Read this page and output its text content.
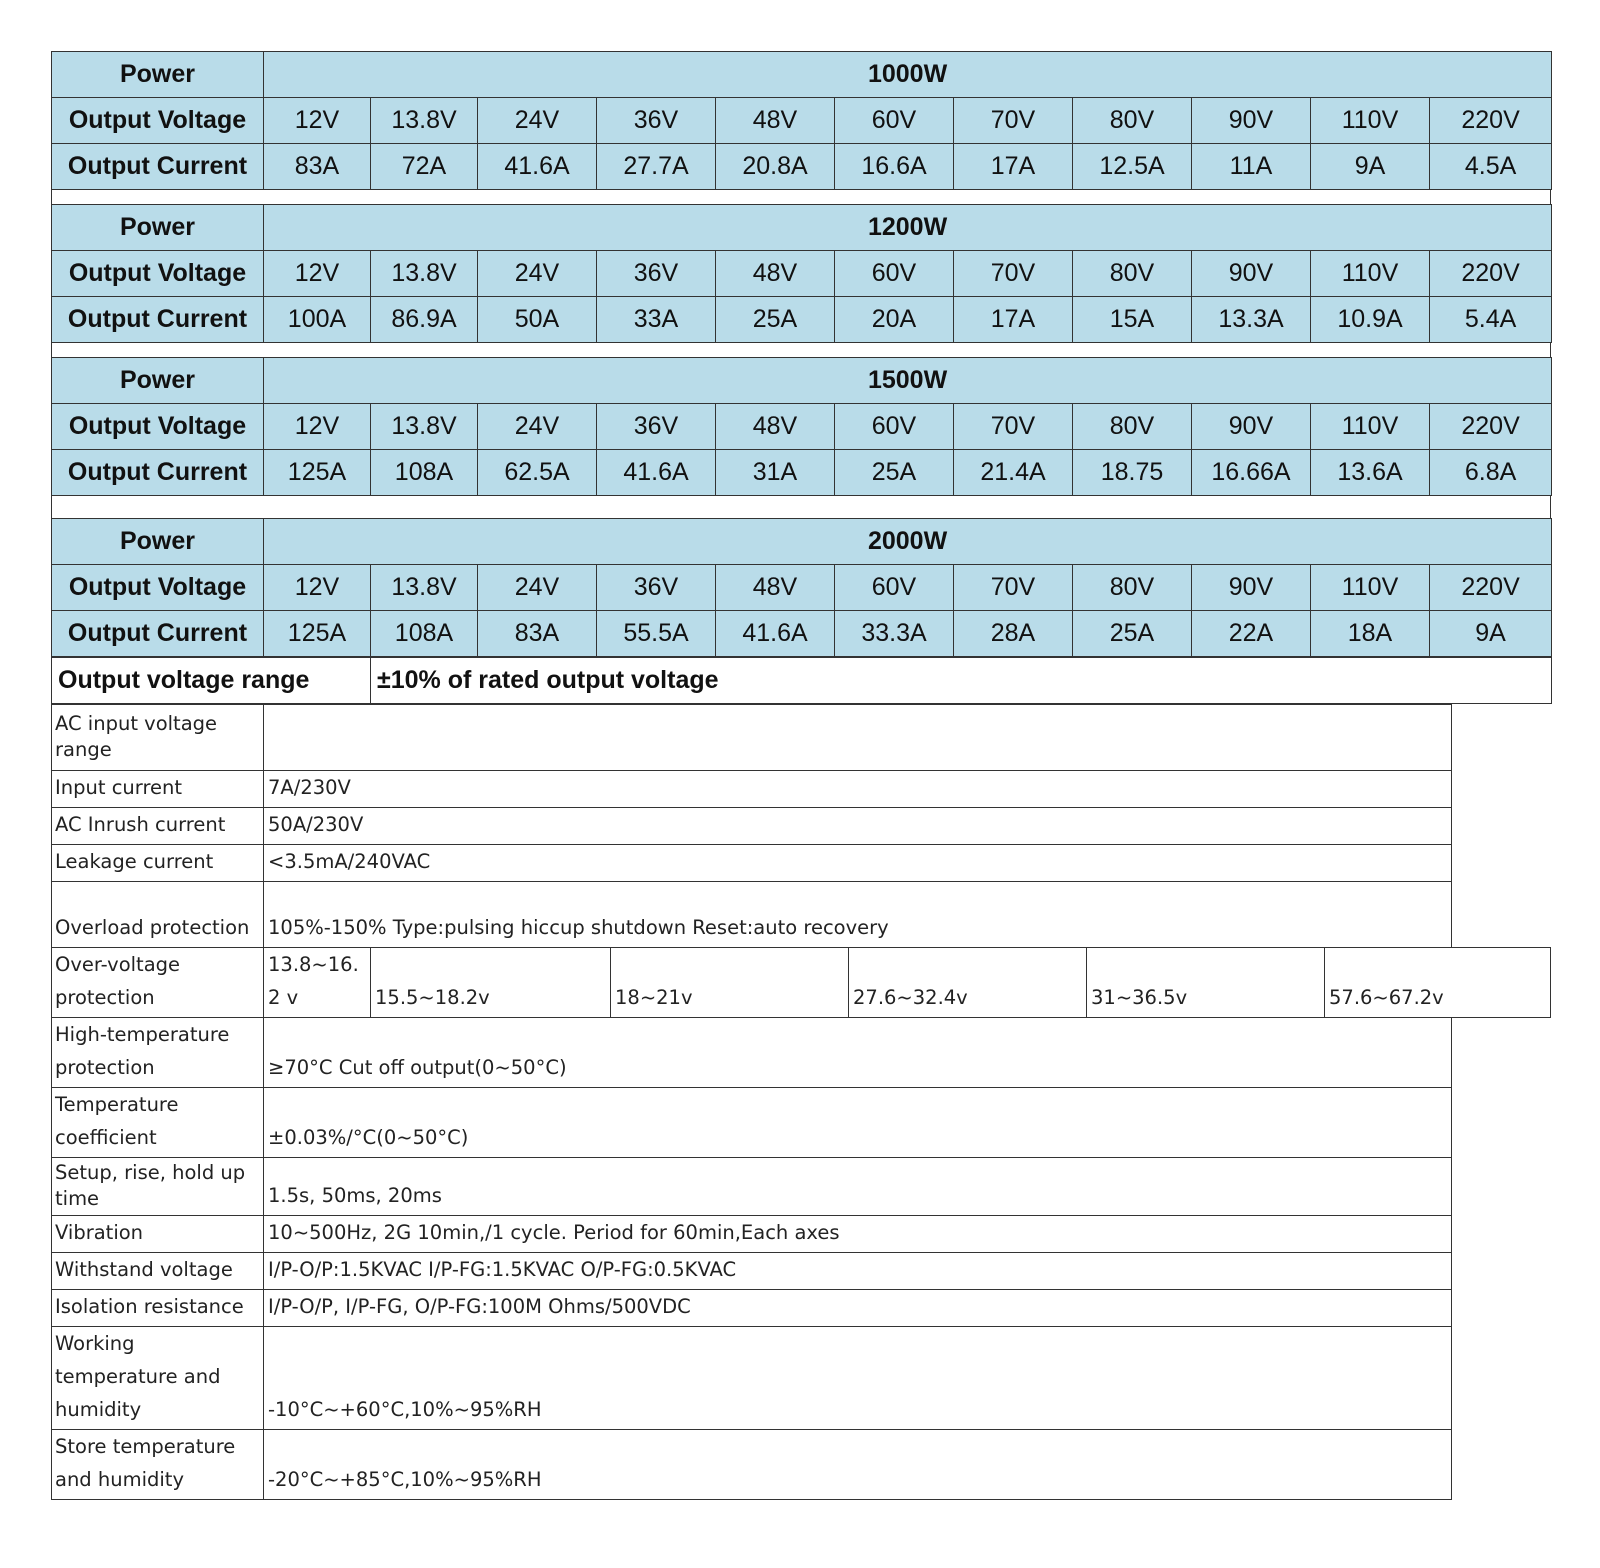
Power	1000W										
Output Voltage	12V	13.8V	24V	36V	48V	60V	70V	80V	90V	110V	220V
Output Current	83A	72A	41.6A	27.7A	20.8A	16.6A	17A	12.5A	11A	9A	4.5A
Power	1200W										
Output Voltage	12V	13.8V	24V	36V	48V	60V	70V	80V	90V	110V	220V
Output Current	100A	86.9A	50A	33A	25A	20A	17A	15A	13.3A	10.9A	5.4A
Power	1500W										
Output Voltage	12V	13.8V	24V	36V	48V	60V	70V	80V	90V	110V	220V
Output Current	125A	108A	62.5A	41.6A	31A	25A	21.4A	18.75	16.66A	13.6A	6.8A
Power	2000W										
Output Voltage	12V	13.8V	24V	36V	48V	60V	70V	80V	90V	110V	220V
Output Current	125A	108A	83A	55.5A	41.6A	33.3A	28A	25A	22A	18A	9A
Output voltage range	±10% of rated output voltage
AC input voltage range						
Input current	7A/230V					
AC Inrush current	50A/230V					
Leakage current	<3.5mA/240VAC					
Overload protection	105%-150% Type:pulsing hiccup shutdown Reset:auto recovery					
Over-voltage protection	13.8~16.2 v	15.5~18.2v	18~21v	27.6~32.4v	31~36.5v	57.6~67.2v
High-temperature protection	≥70°C Cut off output(0~50°C)					
Temperature coefficient	±0.03%/°C(0~50°C)					
Setup, rise, hold up time	1.5s, 50ms, 20ms					
Vibration	10~500Hz, 2G 10min,/1 cycle. Period for 60min,Each axes					
Withstand voltage	I/P-O/P:1.5KVAC I/P-FG:1.5KVAC O/P-FG:0.5KVAC					
Isolation resistance	I/P-O/P, I/P-FG, O/P-FG:100M Ohms/500VDC					
Working temperature and humidity	-10°C~+60°C,10%~95%RH					
Store temperature and humidity	-20°C~+85°C,10%~95%RH					
